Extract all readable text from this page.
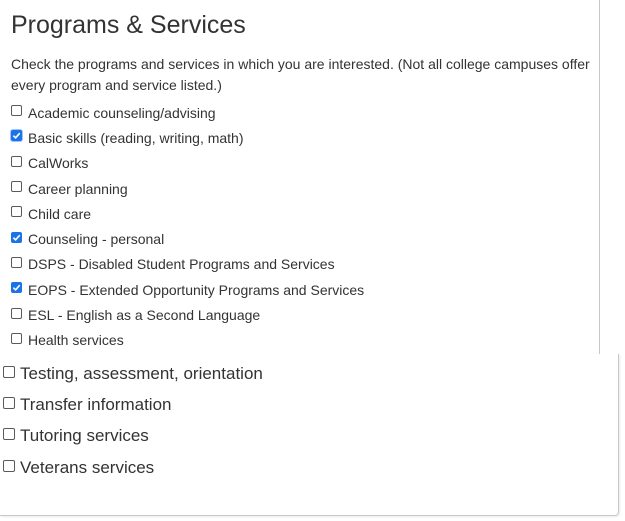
Programs & Services

Check the programs and services in which you are interested. (Not all college campuses offer every program and service listed.)

Academic counseling/advising
Basic skills (reading, writing, math)
CalWorks
Career planning
Child care
Counseling - personal
DSPS - Disabled Student Programs and Services
EOPS - Extended Opportunity Programs and Services
ESL - English as a Second Language
Health services
Testing, assessment, orientation
Transfer information
Tutoring services
Veterans services
